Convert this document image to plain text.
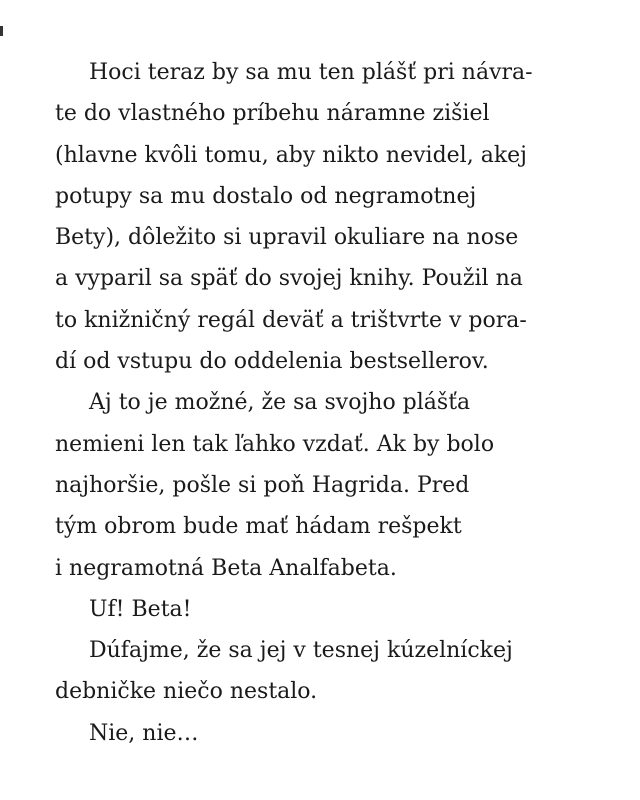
Hoci teraz by sa mu ten plášť pri návra-
te do vlastného príbehu náramne zišiel
(hlavne kvôli tomu, aby nikto nevidel, akej
potupy sa mu dostalo od negramotnej
Bety), dôležito si upravil okuliare na nose
a vyparil sa späť do svojej knihy. Použil na
to knižničný regál deväť a trištvrte v pora-
dí od vstupu do oddelenia bestsellerov.

Aj to je možné, že sa svojho plášťa
nemieni len tak ľahko vzdať. Ak by bolo
najhoršie, pošle si poň Hagrida. Pred
tým obrom bude mať hádam rešpekt
i negramotná Beta Analfabeta.

Uf! Beta!

Dúfajme, že sa jej v tesnej kúzelníckej
debničke niečo nestalo.

Nie, nie…
